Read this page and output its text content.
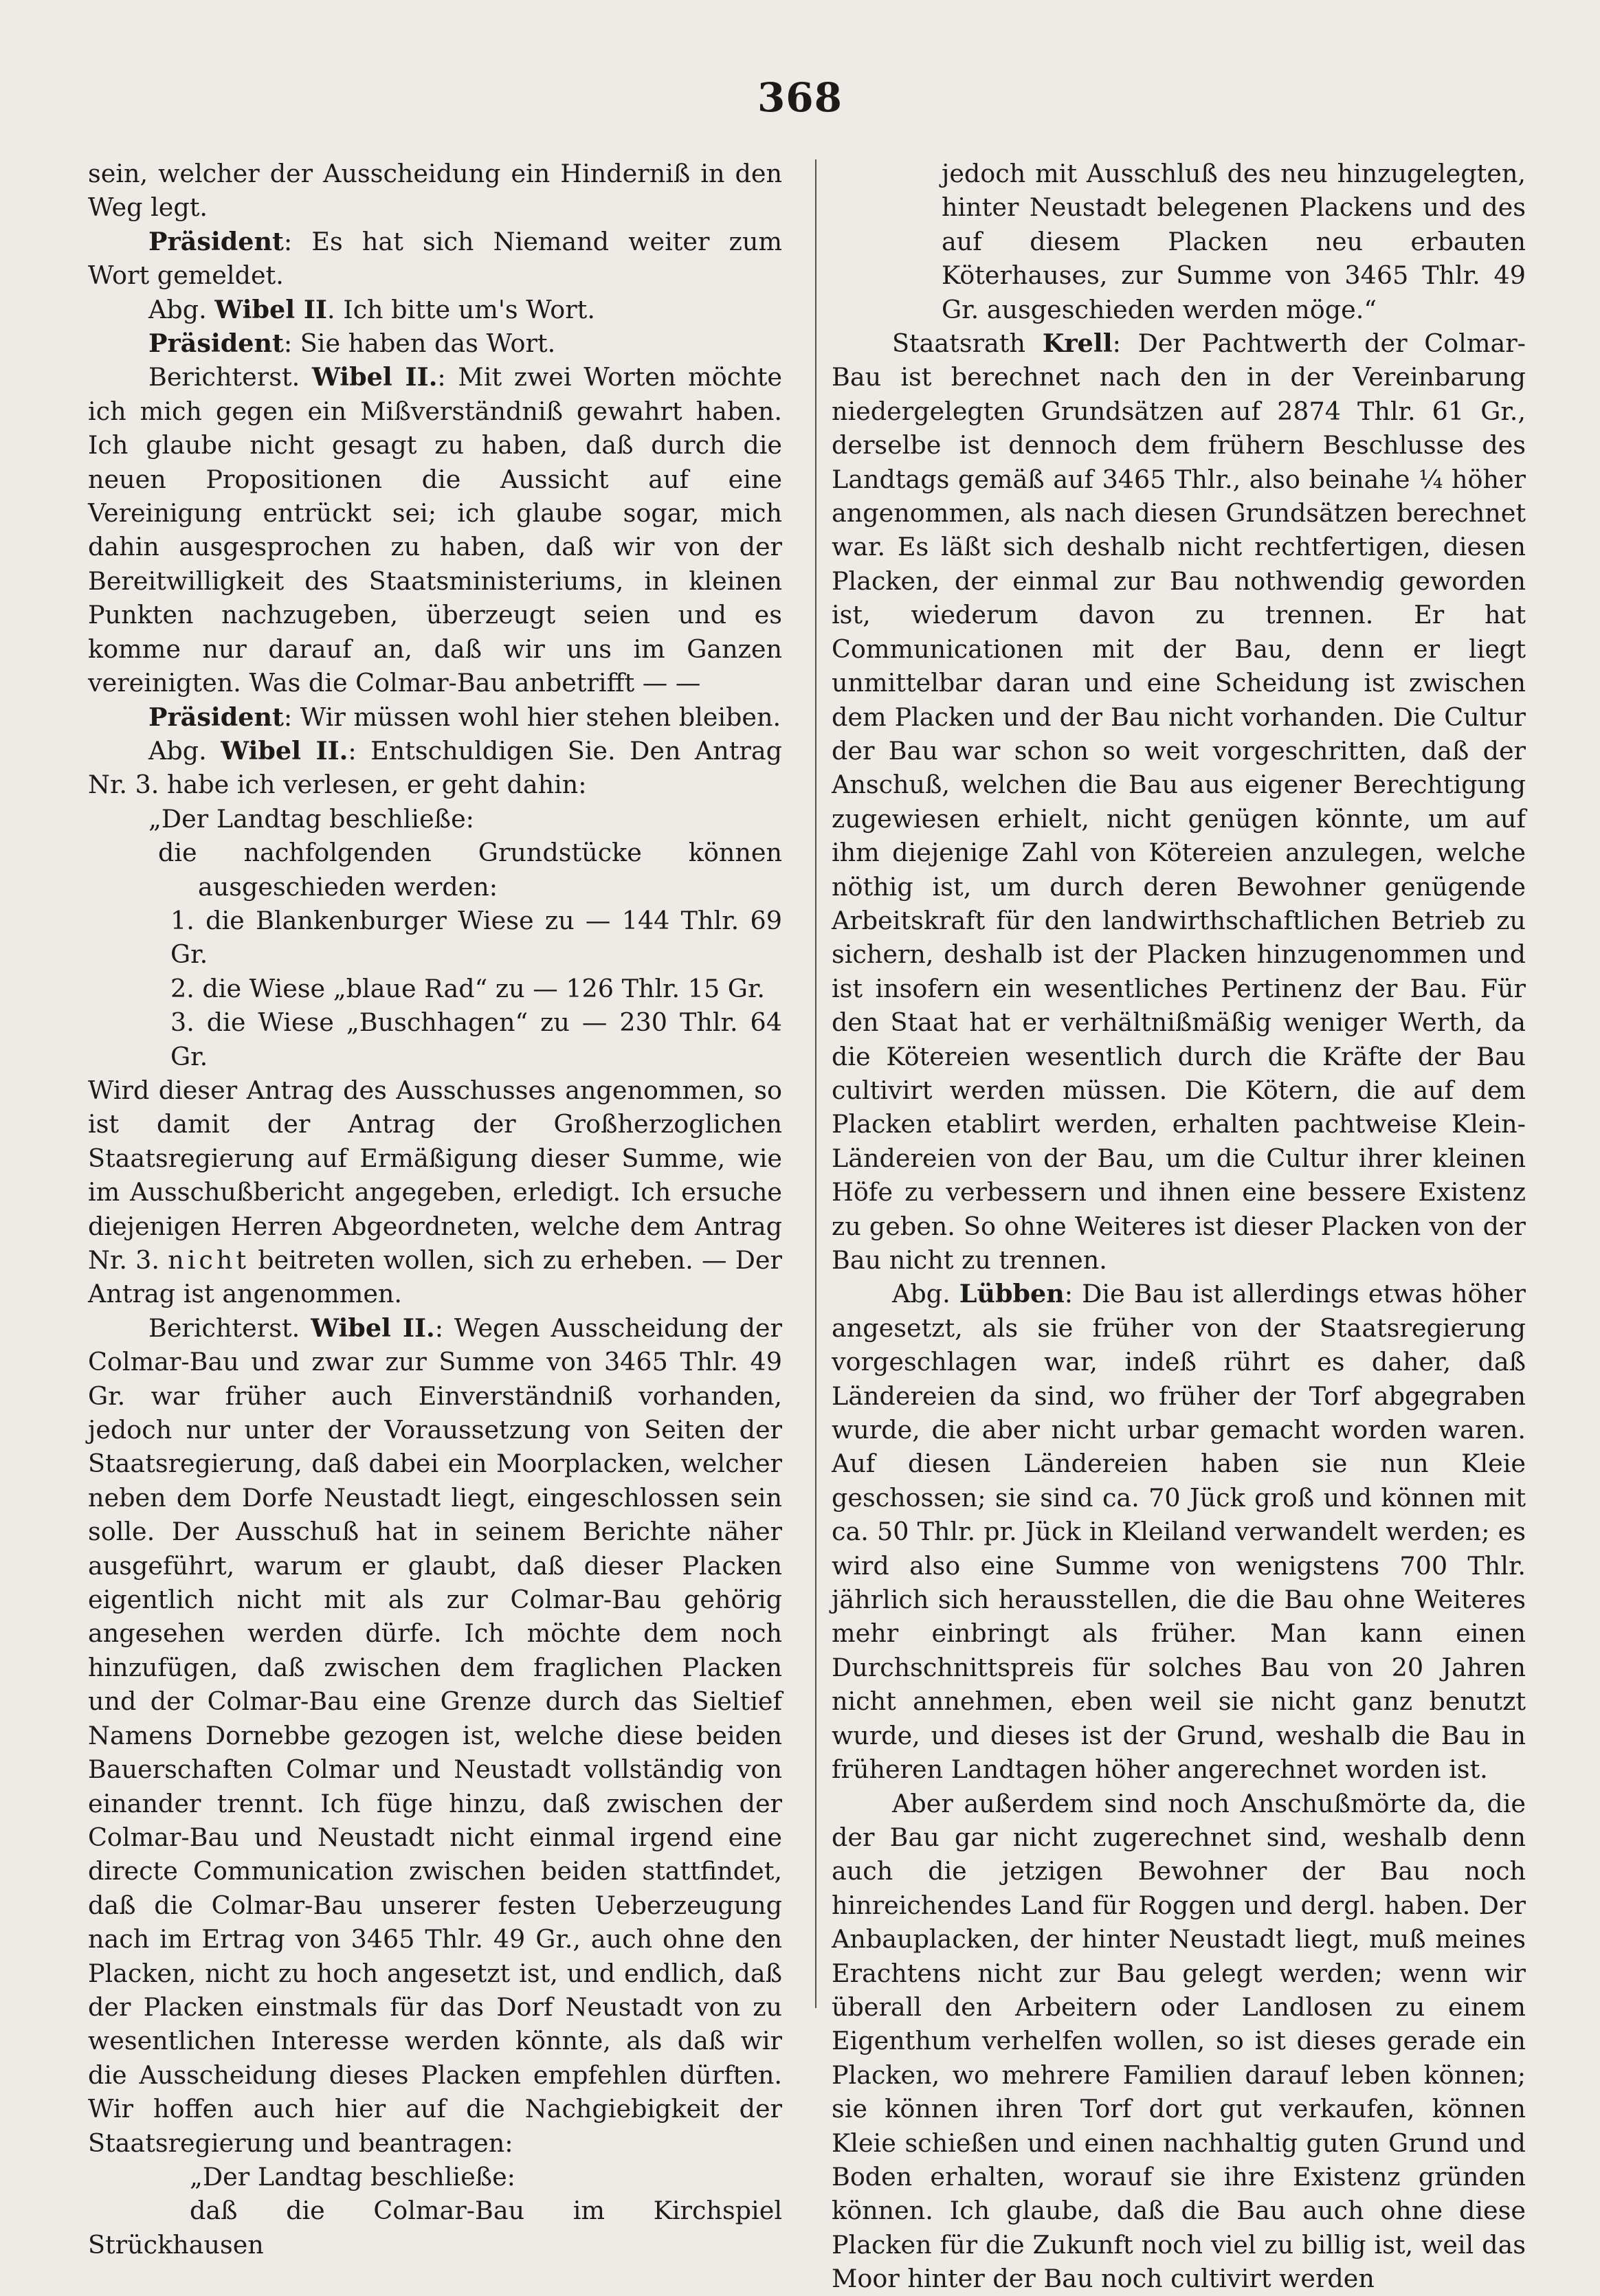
368

sein, welcher der Ausscheidung ein Hinderniß in den Weg legt.

Präsident: Es hat sich Niemand weiter zum Wort gemeldet.

Abg. Wibel II. Ich bitte um's Wort.

Präsident: Sie haben das Wort.

Berichterst. Wibel II.: Mit zwei Worten möchte ich mich gegen ein Mißverständniß gewahrt haben. Ich glaube nicht gesagt zu haben, daß durch die neuen Propositionen die Aussicht auf eine Vereinigung entrückt sei; ich glaube sogar, mich dahin ausgesprochen zu haben, daß wir von der Bereitwilligkeit des Staatsministeriums, in kleinen Punkten nachzugeben, überzeugt seien und es komme nur darauf an, daß wir uns im Ganzen vereinigten. Was die Colmar-Bau anbetrifft — —

Präsident: Wir müssen wohl hier stehen bleiben.

Abg. Wibel II.: Entschuldigen Sie. Den Antrag Nr. 3. habe ich verlesen, er geht dahin:

„Der Landtag beschließe:

die nachfolgenden Grundstücke können ausgeschieden werden:

1. die Blankenburger Wiese zu — 144 Thlr. 69 Gr.

2. die Wiese „blaue Rad“ zu — 126 Thlr. 15 Gr.

3. die Wiese „Buschhagen“ zu — 230 Thlr. 64 Gr.

Wird dieser Antrag des Ausschusses angenommen, so ist damit der Antrag der Großherzoglichen Staatsregierung auf Ermäßigung dieser Summe, wie im Ausschußbericht angegeben, erledigt. Ich ersuche diejenigen Herren Abgeordneten, welche dem Antrag Nr. 3. nicht beitreten wollen, sich zu erheben. — Der Antrag ist angenommen.

Berichterst. Wibel II.: Wegen Ausscheidung der Colmar-Bau und zwar zur Summe von 3465 Thlr. 49 Gr. war früher auch Einverständniß vorhanden, jedoch nur unter der Voraussetzung von Seiten der Staatsregierung, daß dabei ein Moorplacken, welcher neben dem Dorfe Neustadt liegt, eingeschlossen sein solle. Der Ausschuß hat in seinem Berichte näher ausgeführt, warum er glaubt, daß dieser Placken eigentlich nicht mit als zur Colmar-Bau gehörig angesehen werden dürfe. Ich möchte dem noch hinzufügen, daß zwischen dem fraglichen Placken und der Colmar-Bau eine Grenze durch das Sieltief Namens Dornebbe gezogen ist, welche diese beiden Bauerschaften Colmar und Neustadt vollständig von einander trennt. Ich füge hinzu, daß zwischen der Colmar-Bau und Neustadt nicht einmal irgend eine directe Communication zwischen beiden stattfindet, daß die Colmar-Bau unserer festen Ueberzeugung nach im Ertrag von 3465 Thlr. 49 Gr., auch ohne den Placken, nicht zu hoch angesetzt ist, und endlich, daß der Placken einstmals für das Dorf Neustadt von zu wesentlichen Interesse werden könnte, als daß wir die Ausscheidung dieses Placken empfehlen dürften. Wir hoffen auch hier auf die Nachgiebigkeit der Staatsregierung und beantragen:

„Der Landtag beschließe:

daß die Colmar-Bau im Kirchspiel Strückhausen

jedoch mit Ausschluß des neu hinzugelegten, hinter Neustadt belegenen Plackens und des auf diesem Placken neu erbauten Köterhauses, zur Summe von 3465 Thlr. 49 Gr. ausgeschieden werden möge.“

Staatsrath Krell: Der Pachtwerth der Colmar-Bau ist berechnet nach den in der Vereinbarung niedergelegten Grundsätzen auf 2874 Thlr. 61 Gr., derselbe ist dennoch dem frühern Beschlusse des Landtags gemäß auf 3465 Thlr., also beinahe ¼ höher angenommen, als nach diesen Grundsätzen berechnet war. Es läßt sich deshalb nicht rechtfertigen, diesen Placken, der einmal zur Bau nothwendig geworden ist, wiederum davon zu trennen. Er hat Communicationen mit der Bau, denn er liegt unmittelbar daran und eine Scheidung ist zwischen dem Placken und der Bau nicht vorhanden. Die Cultur der Bau war schon so weit vorgeschritten, daß der Anschuß, welchen die Bau aus eigener Berechtigung zugewiesen erhielt, nicht genügen könnte, um auf ihm diejenige Zahl von Kötereien anzulegen, welche nöthig ist, um durch deren Bewohner genügende Arbeitskraft für den landwirthschaftlichen Betrieb zu sichern, deshalb ist der Placken hinzugenommen und ist insofern ein wesentliches Pertinenz der Bau. Für den Staat hat er verhältnißmäßig weniger Werth, da die Kötereien wesentlich durch die Kräfte der Bau cultivirt werden müssen. Die Kötern, die auf dem Placken etablirt werden, erhalten pachtweise Klein-Ländereien von der Bau, um die Cultur ihrer kleinen Höfe zu verbessern und ihnen eine bessere Existenz zu geben. So ohne Weiteres ist dieser Placken von der Bau nicht zu trennen.

Abg. Lübben: Die Bau ist allerdings etwas höher angesetzt, als sie früher von der Staatsregierung vorgeschlagen war, indeß rührt es daher, daß Ländereien da sind, wo früher der Torf abgegraben wurde, die aber nicht urbar gemacht worden waren. Auf diesen Ländereien haben sie nun Kleie geschossen; sie sind ca. 70 Jück groß und können mit ca. 50 Thlr. pr. Jück in Kleiland verwandelt werden; es wird also eine Summe von wenigstens 700 Thlr. jährlich sich herausstellen, die die Bau ohne Weiteres mehr einbringt als früher. Man kann einen Durchschnittspreis für solches Bau von 20 Jahren nicht annehmen, eben weil sie nicht ganz benutzt wurde, und dieses ist der Grund, weshalb die Bau in früheren Landtagen höher angerechnet worden ist.

Aber außerdem sind noch Anschußmörte da, die der Bau gar nicht zugerechnet sind, weshalb denn auch die jetzigen Bewohner der Bau noch hinreichendes Land für Roggen und dergl. haben. Der Anbauplacken, der hinter Neustadt liegt, muß meines Erachtens nicht zur Bau gelegt werden; wenn wir überall den Arbeitern oder Landlosen zu einem Eigenthum verhelfen wollen, so ist dieses gerade ein Placken, wo mehrere Familien darauf leben können; sie können ihren Torf dort gut verkaufen, können Kleie schießen und einen nachhaltig guten Grund und Boden erhalten, worauf sie ihre Existenz gründen können. Ich glaube, daß die Bau auch ohne diese Placken für die Zukunft noch viel zu billig ist, weil das Moor hinter der Bau noch cultivirt werden
